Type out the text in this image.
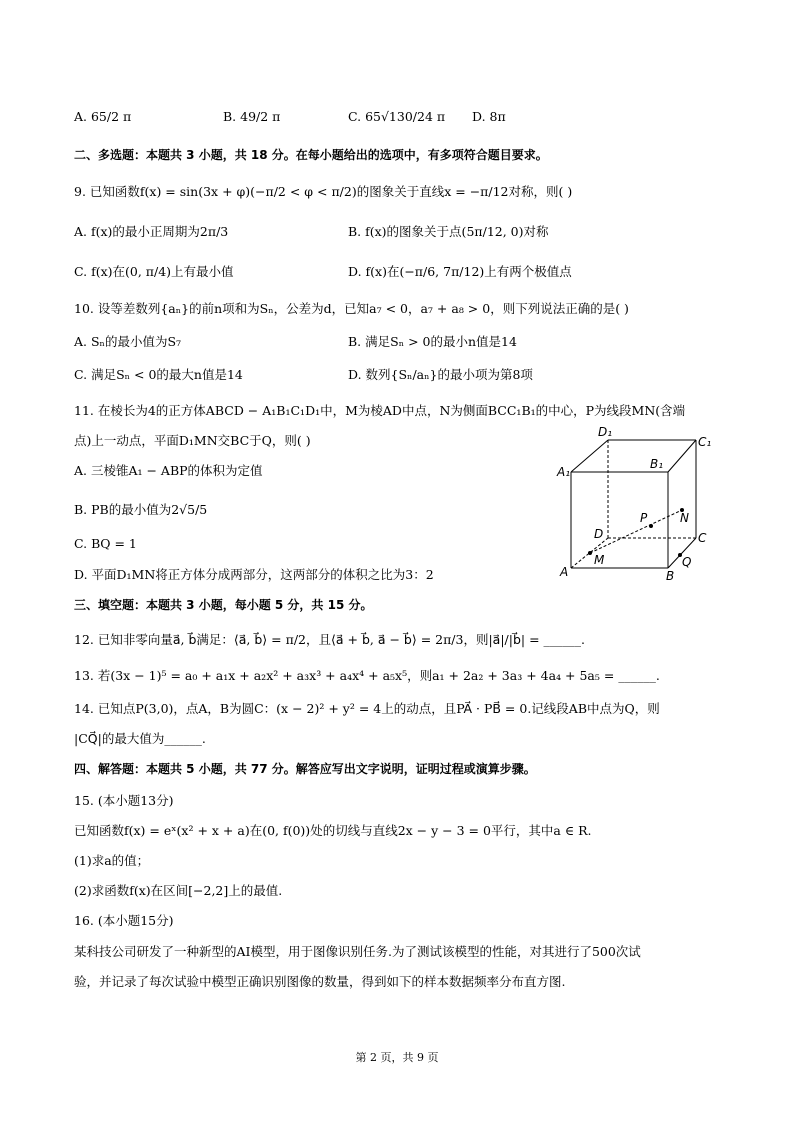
A. 65/2 π	B. 49/2 π	C. 65√130/24 π D. 8π
二、多选题：本题共 3 小题，共 18 分。在每小题给出的选项中，有多项符合题目要求。
9. 已知函数f(x) = sin(3x + φ)(−π/2 < φ < π/2)的图象关于直线x = −π/12对称，则( )
A. f(x)的最小正周期为2π/3	B. f(x)的图象关于点(5π/12, 0)对称
C. f(x)在(0, π/4)上有最小值	D. f(x)在(−π/6, 7π/12)上有两个极值点
10. 设等差数列{aₙ}的前n项和为Sₙ，公差为d，已知a₇ < 0，a₇ + a₈ > 0，则下列说法正确的是( )
A. Sₙ的最小值为S₇	B. 满足Sₙ > 0的最小n值是14
C. 满足Sₙ < 0的最大n值是14	D. 数列{Sₙ/aₙ}的最小项为第8项
11. 在棱长为4的正方体ABCD − A₁B₁C₁D₁中，M为棱AD中点，N为侧面BCC₁B₁的中心，P为线段MN(含端
点)上一动点，平面D₁MN交BC于Q，则( )
A. 三棱锥A₁ − ABP的体积为定值
B. PB的最小值为2√5/5
C. BQ = 1
D. 平面D₁MN将正方体分成两部分，这两部分的体积之比为3：2
D₁
C₁
A₁
B₁
D	C
A	B
P	N
M	Q
三、填空题：本题共 3 小题，每小题 5 分，共 15 分。
12. 已知非零向量a⃗, b⃗满足：⟨a⃗, b⃗⟩ = π/2，且⟨a⃗ + b⃗, a⃗ − b⃗⟩ = 2π/3，则|a⃗|/|b⃗| = ______.
13. 若(3x − 1)⁵ = a₀ + a₁x + a₂x² + a₃x³ + a₄x⁴ + a₅x⁵，则a₁ + 2a₂ + 3a₃ + 4a₄ + 5a₅ = ______.
14. 已知点P(3,0)，点A，B为圆C：(x − 2)² + y² = 4上的动点，且PA⃗ · PB⃗ = 0.记线段AB中点为Q，则
|CQ⃗|的最大值为______.
四、解答题：本题共 5 小题，共 77 分。解答应写出文字说明，证明过程或演算步骤。
15. (本小题13分)
已知函数f(x) = eˣ(x² + x + a)在(0, f(0))处的切线与直线2x − y − 3 = 0平行，其中a ∈ R.
(1)求a的值；
(2)求函数f(x)在区间[−2,2]上的最值.
16. (本小题15分)
某科技公司研发了一种新型的AI模型，用于图像识别任务.为了测试该模型的性能，对其进行了500次试
验，并记录了每次试验中模型正确识别图像的数量，得到如下的样本数据频率分布直方图.
第 2 页，共 9 页
